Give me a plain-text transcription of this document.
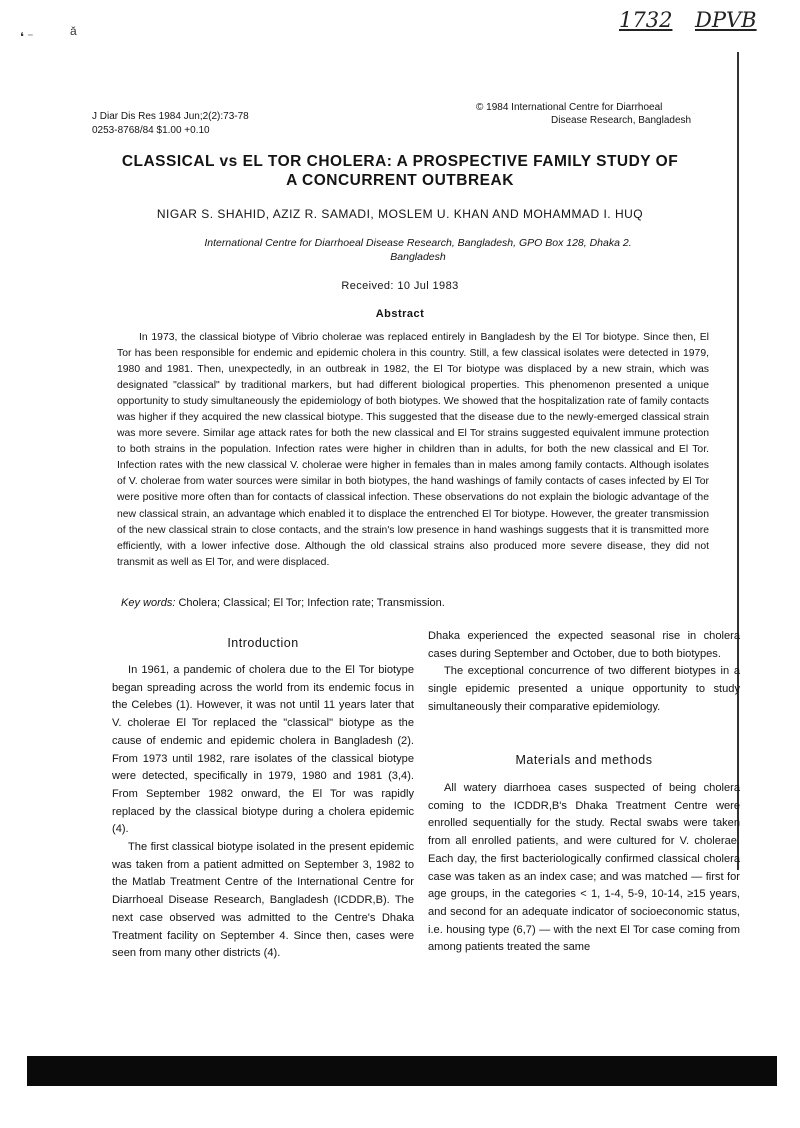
1732 DPVB
❛ ⁻	ǎ
J Diar Dis Res 1984 Jun;2(2):73-78
0253-8768/84 $1.00 +0.10
© 1984 International Centre for Diarrhoeal
Disease Research, Bangladesh
CLASSICAL vs EL TOR CHOLERA: A PROSPECTIVE FAMILY STUDY OF
A CONCURRENT OUTBREAK
NIGAR S. SHAHID, AZIZ R. SAMADI, MOSLEM U. KHAN AND MOHAMMAD I. HUQ
International Centre for Diarrhoeal Disease Research, Bangladesh, GPO Box 128, Dhaka 2.
Bangladesh
Received: 10 Jul 1983
Abstract

In 1973, the classical biotype of Vibrio cholerae was replaced entirely in Bangladesh by the El Tor biotype. Since then, El Tor has been responsible for endemic and epidemic cholera in this country. Still, a few classical isolates were detected in 1979, 1980 and 1981. Then, unexpectedly, in an outbreak in 1982, the El Tor biotype was displaced by a new strain, which was designated "classical" by traditional markers, but had different biological properties. This phenomenon presented a unique opportunity to study simultaneously the epidemiology of both biotypes. We showed that the hospitalization rate of family contacts was higher if they acquired the new classical biotype. This suggested that the disease due to the newly-emerged classical strain was more severe. Similar age attack rates for both the new classical and El Tor strains suggested equivalent immune protection to both strains in the population. Infection rates were higher in children than in adults, for both the new classical and El Tor. Infection rates with the new classical V. cholerae were higher in females than in males among family contacts. Although isolates of V. cholerae from water sources were similar in both biotypes, the hand washings of family contacts of cases infected by El Tor were positive more often than for contacts of classical infection. These observations do not explain the biologic advantage of the new classical strain, an advantage which enabled it to displace the entrenched El Tor biotype. However, the greater transmission of the new classical strain to close contacts, and the strain's low presence in hand washings suggests that it is transmitted more efficiently, with a lower infective dose. Although the old classical strains also produced more severe disease, they did not transmit as well as El Tor, and were displaced.

Key words: Cholera; Classical; El Tor; Infection rate; Transmission.
Introduction

In 1961, a pandemic of cholera due to the El Tor biotype began spreading across the world from its endemic focus in the Celebes (1). However, it was not until 11 years later that V. cholerae El Tor replaced the "classical" biotype as the cause of endemic and epidemic cholera in Bangladesh (2). From 1973 until 1982, rare isolates of the classical biotype were detected, specifically in 1979, 1980 and 1981 (3,4). From September 1982 onward, the El Tor was rapidly replaced by the classical biotype during a cholera epidemic (4).

The first classical biotype isolated in the present epidemic was taken from a patient admitted on September 3, 1982 to the Matlab Treatment Centre of the International Centre for Diarrhoeal Disease Research, Bangladesh (ICDDR,B). The next case observed was admitted to the Centre's Dhaka Treatment facility on September 4. Since then, cases were seen from many other districts (4).

Dhaka experienced the expected seasonal rise in cholera cases during September and October, due to both biotypes.

The exceptional concurrence of two different biotypes in a single epidemic presented a unique opportunity to study simultaneously their comparative epidemiology.

Materials and methods

All watery diarrhoea cases suspected of being cholera coming to the ICDDR,B's Dhaka Treatment Centre were enrolled sequentially for the study. Rectal swabs were taken from all enrolled patients, and were cultured for V. cholerae. Each day, the first bacteriologically confirmed classical cholera case was taken as an index case; and was matched — first for age groups, in the categories < 1, 1-4, 5-9, 10-14, ≥15 years, and second for an adequate indicator of socioeconomic status, i.e. housing type (6,7) — with the next El Tor case coming from among patients treated the same
